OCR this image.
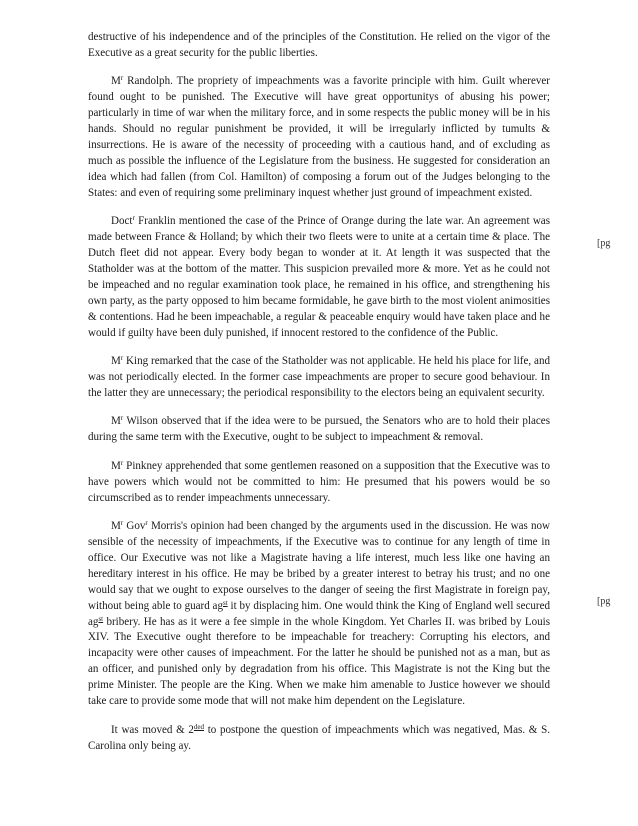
destructive of his independence and of the principles of the Constitution. He relied on the vigor of the Executive as a great security for the public liberties.

$M^r$ Randolph. The propriety of impeachments was a favorite principle with him. Guilt wherever found ought to be punished. The Executive will have great opportunitys of abusing his power; particularly in time of war when the military force, and in some respects the public money will be in his hands. Should no regular punishment be provided, it will be irregularly inflicted by tumults & insurrections. He is aware of the necessity of proceeding with a cautious hand, and of excluding as much as possible the influence of the Legislature from the business. He suggested for consideration an idea which had fallen (from Col. Hamilton) of composing a forum out of the Judges belonging to the States: and even of requiring some preliminary inquest whether just ground of impeachment existed.

Doct$^r$ Franklin mentioned the case of the Prince of Orange during the late war. An agreement was made between France & Holland; by which their two fleets were to unite at a certain time & place. The Dutch fleet did not appear. Every body began to wonder at it. At length it was suspected that the Statholder was at the bottom of the matter. This suspicion prevailed more & more. Yet as he could not be impeached and no regular examination took place, he remained in his office, and strengthening his own party, as the party opposed to him became formidable, he gave birth to the most violent animosities & contentions. Had he been impeachable, a regular & peaceable enquiry would have taken place and he would if guilty have been duly punished, if innocent restored to the confidence of the Public.

$M^r$ King remarked that the case of the Statholder was not applicable. He held his place for life, and was not periodically elected. In the former case impeachments are proper to secure good behaviour. In the latter they are unnecessary; the periodical responsibility to the electors being an equivalent security.

$M^r$ Wilson observed that if the idea were to be pursued, the Senators who are to hold their places during the same term with the Executive, ought to be subject to impeachment & removal.

$M^r$ Pinkney apprehended that some gentlemen reasoned on a supposition that the Executive was to have powers which would not be committed to him: He presumed that his powers would be so circumscribed as to render impeachments unnecessary.

$M^r$ Gov$^r$ Morris's opinion had been changed by the arguments used in the discussion. He was now sensible of the necessity of impeachments, if the Executive was to continue for any length of time in office. Our Executive was not like a Magistrate having a life interest, much less like one having an hereditary interest in his office. He may be bribed by a greater interest to betray his trust; and no one would say that we ought to expose ourselves to the danger of seeing the first Magistrate in foreign pay, without being able to guard $ag^{st}$ it by displacing him. One would think the King of England well secured $ag^{st}$ bribery. He has as it were a fee simple in the whole Kingdom. Yet Charles II. was bribed by Louis XIV. The Executive ought therefore to be impeachable for treachery: Corrupting his electors, and incapacity were other causes of impeachment. For the latter he should be punished not as a man, but as an officer, and punished only by degradation from his office. This Magistrate is not the King but the prime Minister. The people are the King. When we make him amenable to Justice however we should take care to provide some mode that will not make him dependent on the Legislature.

It was moved & $2^{ded}$ to postpone the question of impeachments which was negatived, Mas. & S. Carolina only being ay.

[pg
[pg
